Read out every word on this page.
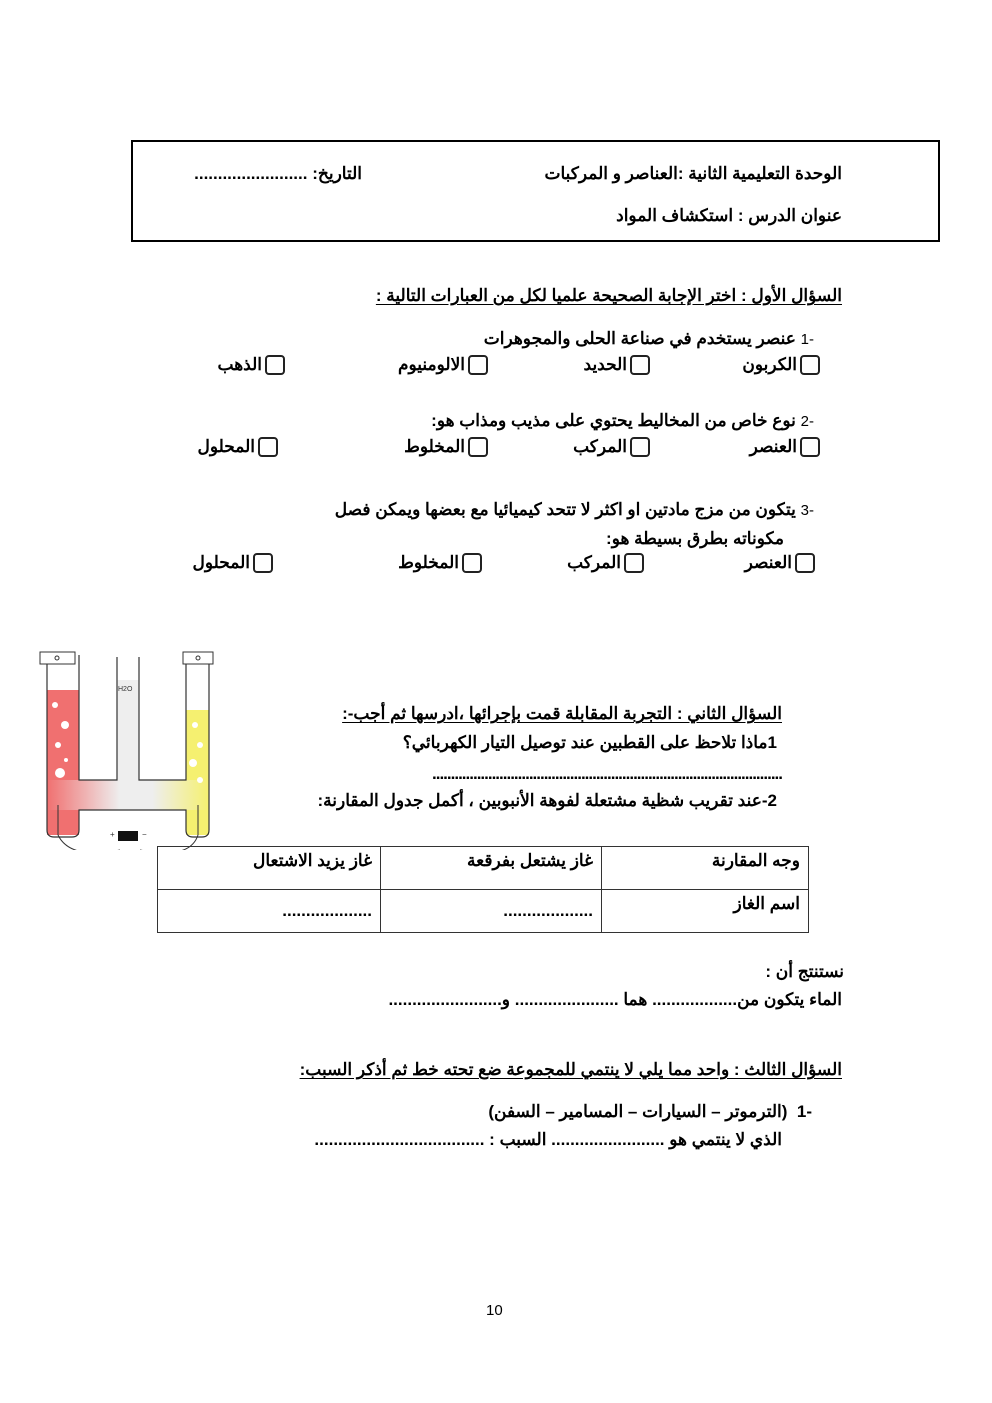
الوحدة التعليمية الثانية :العناصر و المركبات
التاريخ: ........................
عنوان الدرس : استكشاف المواد
السؤال الأول : اختر الإجابة الصحيحة علميا لكل من العبارات التالية :
-1 عنصر يستخدم في صناعة الحلى والمجوهرات
الكربون
الحديد
الالومنيوم
الذهب
-2 نوع خاص من المخاليط يحتوي على مذيب ومذاب هو:
العنصر
المركب
المخلوط
المحلول
-3 يتكون من مزج مادتين او اكثر لا تتحد كيميائيا مع بعضها ويمكن فصل
مكوناته بطرق بسيطة هو:
العنصر
المركب
المخلوط
المحلول
H2O
+	−
السؤال الثاني : التجربة المقابلة قمت بإجرائها ،ادرسها ثم أجب-:
1ماذا تلاحظ على القطبين عند توصيل التيار الكهربائي؟
..............................................................................................
2-عند تقريب شظية مشتعلة لفوهة الأنبوبين ، أكمل جدول المقارنة:
وجه المقارنة	غاز يشتعل بفرقعة	غاز يزيد الاشتعال
اسم الغاز	...................	...................
نستنتج أن :
الماء يتكون من.................. هما ...................... و........................
السؤال الثالث : واحد مما يلي لا ينتمي للمجموعة ضع تحته خط ثم أذكر السبب:
-1  (الترموتر – السيارات – المسامير – السفن)
الذي لا ينتمي هو ........................ السبب : ....................................
10
